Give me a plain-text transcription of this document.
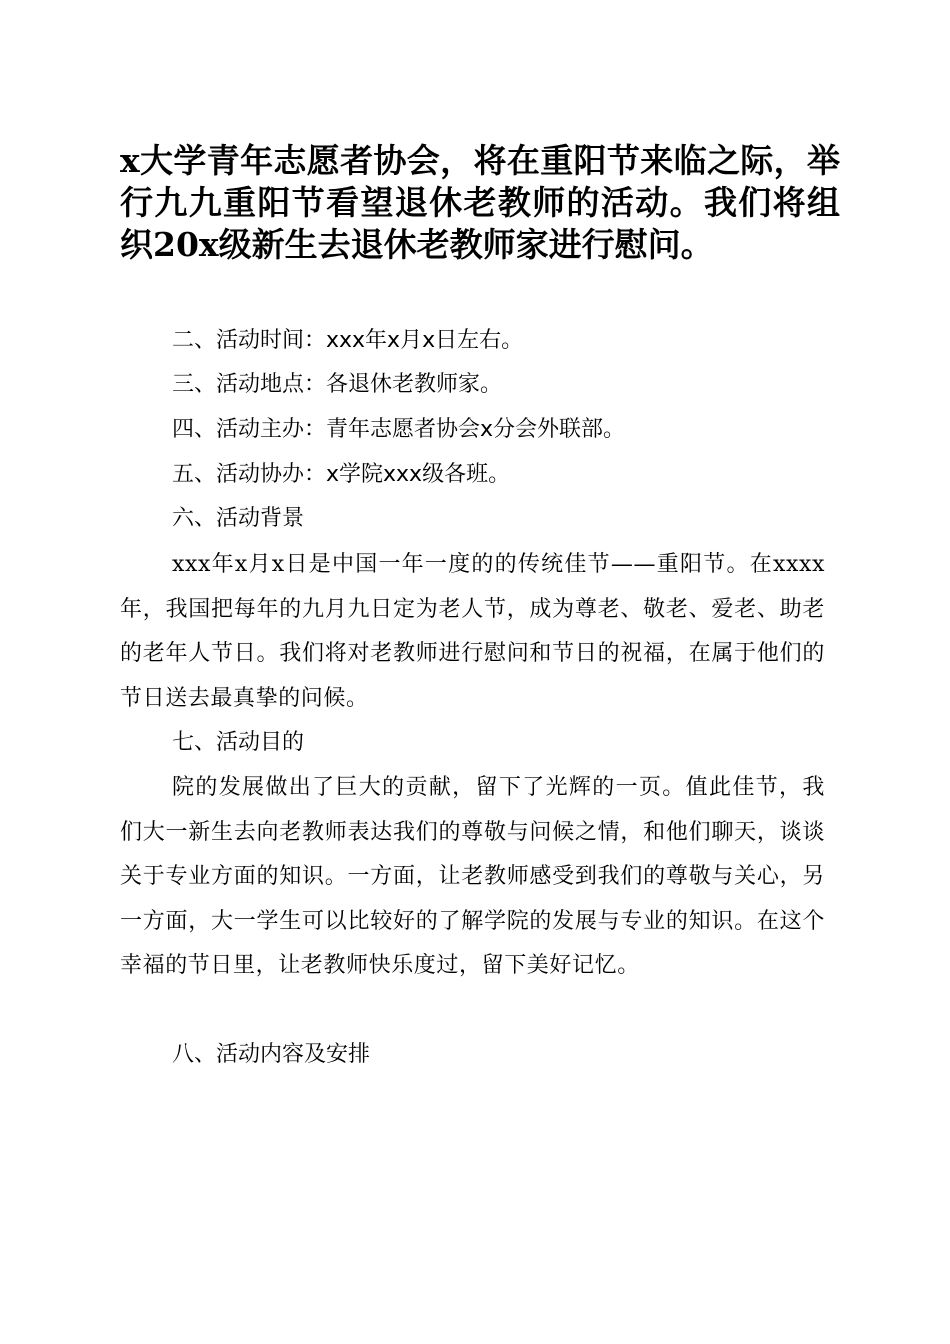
x大学青年志愿者协会，将在重阳节来临之际，举行九九重阳节看望退休老教师的活动。我们将组织20x级新生去退休老教师家进行慰问。
二、活动时间：xxx年x月x日左右。
三、活动地点：各退休老教师家。
四、活动主办：青年志愿者协会x分会外联部。
五、活动协办：x学院xxx级各班。
六、活动背景
xxx年x月x日是中国一年一度的的传统佳节——重阳节。在xxxx年，我国把每年的九月九日定为老人节，成为尊老、敬老、爱老、助老的老年人节日。我们将对老教师进行慰问和节日的祝福，在属于他们的节日送去最真挚的问候。
七、活动目的
院的发展做出了巨大的贡献，留下了光辉的一页。值此佳节，我们大一新生去向老教师表达我们的尊敬与问候之情，和他们聊天，谈谈关于专业方面的知识。一方面，让老教师感受到我们的尊敬与关心，另一方面，大一学生可以比较好的了解学院的发展与专业的知识。在这个幸福的节日里，让老教师快乐度过，留下美好记忆。
八、活动内容及安排
